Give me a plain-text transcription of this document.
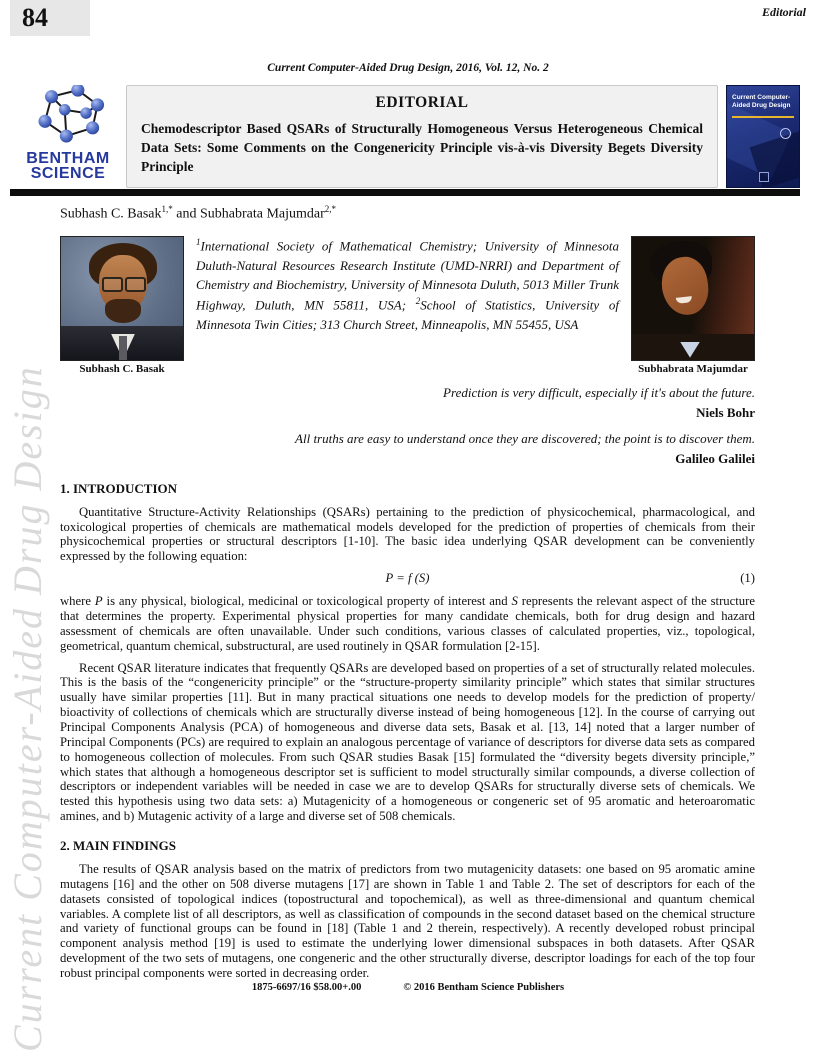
Current Computer-Aided Drug Design
84	Editorial
Current Computer-Aided Drug Design, 2016, Vol. 12, No. 2
BENTHAM
SCIENCE
EDITORIAL
Chemodescriptor Based QSARs of Structurally Homogeneous Versus Heterogeneous Chemical Data Sets: Some Comments on the Congenericity Principle vis-à-vis Diversity Begets Diversity Principle
Current Computer-Aided Drug Design

Subhash C. Basak$^{1,*}$ and Subhabrata Majumdar$^{2,*}$

Subhash C. Basak
$^1$International Society of Mathematical Chemistry; University of Minnesota Duluth-Natural Resources Research Institute (UMD-NRRI) and Department of Chemistry and Biochemistry, University of Minnesota Duluth, 5013 Miller Trunk Highway, Duluth, MN 55811, USA; $^2$School of Statistics, University of Minnesota Twin Cities; 313 Church Street, Minneapolis, MN 55455, USA
Subhabrata Majumdar
Prediction is very difficult, especially if it's about the future.
Niels Bohr
All truths are easy to understand once they are discovered; the point is to discover them.
Galileo Galilei
1. INTRODUCTION

Quantitative Structure-Activity Relationships (QSARs) pertaining to the prediction of physicochemical, pharmacological, and toxicological properties of chemicals are mathematical models developed for the prediction of properties of chemicals from their physicochemical properties or structural descriptors [1-10]. The basic idea underlying QSAR development can be conveniently expressed by the following equation:

P = f (S)	(1)

where P is any physical, biological, medicinal or toxicological property of interest and S represents the relevant aspect of the structure that determines the property. Experimental physical properties for many candidate chemicals, both for drug design and hazard assessment of chemicals are often unavailable. Under such conditions, various classes of calculated properties, viz., topological, geometrical, quantum chemical, substructural, are used routinely in QSAR formulation [2-15].

Recent QSAR literature indicates that frequently QSARs are developed based on properties of a set of structurally related molecules. This is the basis of the “congenericity principle” or the “structure-property similarity principle” which states that similar structures usually have similar properties [11]. But in many practical situations one needs to develop models for the prediction of property/ bioactivity of collections of chemicals which are structurally diverse instead of being homogeneous [12]. In the course of carrying out Principal Components Analysis (PCA) of homogeneous and diverse data sets, Basak et al. [13, 14] noted that a larger number of Principal Components (PCs) are required to explain an analogous percentage of variance of descriptors for diverse data sets as compared to homogeneous collection of molecules. From such QSAR studies Basak [15] formulated the “diversity begets diversity principle,” which states that although a homogeneous descriptor set is sufficient to model structurally similar compounds, a diverse collection of descriptors or independent variables will be needed in case we are to develop QSARs for structurally diverse sets of chemicals. We tested this hypothesis using two data sets: a) Mutagenicity of a homogeneous or congeneric set of 95 aromatic and heteroaromatic amines, and b) Mutagenic activity of a large and diverse set of 508 chemicals.

2. MAIN FINDINGS

The results of QSAR analysis based on the matrix of predictors from two mutagenicity datasets: one based on 95 aromatic amine mutagens [16] and the other on 508 diverse mutagens [17] are shown in Table 1 and Table 2. The set of descriptors for each of the datasets consisted of topological indices (topostructural and topochemical), as well as three-dimensional and quantum chemical variables. A complete list of all descriptors, as well as classification of compounds in the second dataset based on the chemical structure and variety of functional groups can be found in [18] (Table 1 and 2 therein, respectively). A recently developed robust principal component analysis method [19] is used to estimate the underlying lower dimensional subspaces in both datasets. After QSAR development of the two sets of mutagens, one congeneric and the other structurally diverse, descriptor loadings for each of the top four robust principal components were sorted in decreasing order.

1875-6697/16 $58.00+.00	© 2016 Bentham Science Publishers
